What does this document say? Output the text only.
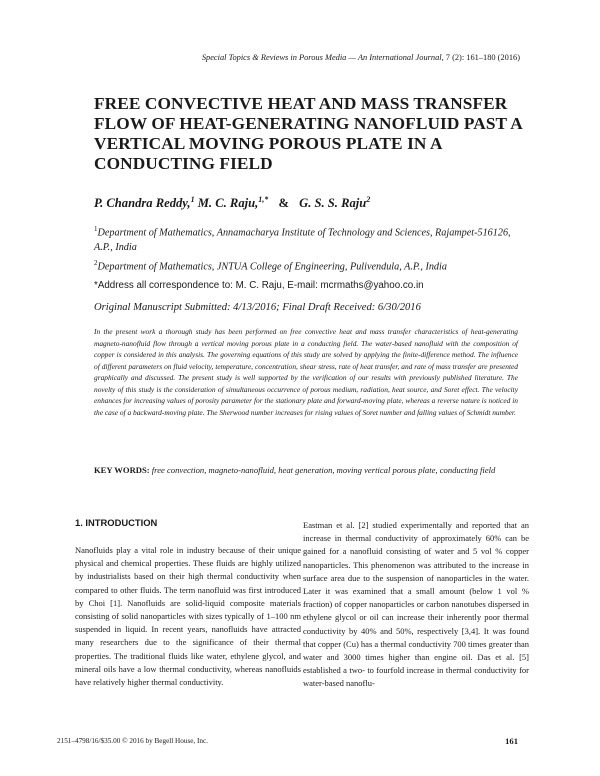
Special Topics & Reviews in Porous Media — An International Journal, 7 (2): 161–180 (2016)
FREE CONVECTIVE HEAT AND MASS TRANSFER FLOW OF HEAT-GENERATING NANOFLUID PAST A VERTICAL MOVING POROUS PLATE IN A CONDUCTING FIELD
P. Chandra Reddy,$^1$ M. C. Raju,$^{1,*}$ & G. S. S. Raju$^2$
$^1$Department of Mathematics, Annamacharya Institute of Technology and Sciences, Rajampet-516126, A.P., India
$^2$Department of Mathematics, JNTUA College of Engineering, Pulivendula, A.P., India
*Address all correspondence to: M. C. Raju, E-mail: mcrmaths@yahoo.co.in
Original Manuscript Submitted: 4/13/2016; Final Draft Received: 6/30/2016

In the present work a thorough study has been performed on free convective heat and mass transfer characteristics of heat-generating magneto-nanofluid flow through a vertical moving porous plate in a conducting field. The water-based nanofluid with the composition of copper is considered in this analysis. The governing equations of this study are solved by applying the finite-difference method. The influence of different parameters on fluid velocity, temperature, concentration, shear stress, rate of heat transfer, and rate of mass transfer are presented graphically and discussed. The present study is well supported by the verification of our results with previously published literature. The novelty of this study is the consideration of simultaneous occurrence of porous medium, radiation, heat source, and Soret effect. The velocity enhances for increasing values of porosity parameter for the stationary plate and forward-moving plate, whereas a reverse nature is noticed in the case of a backward-moving plate. The Sherwood number increases for rising values of Soret number and falling values of Schmidt number.

KEY WORDS: free convection, magneto-nanofluid, heat generation, moving vertical porous plate, conducting field
1. INTRODUCTION

Nanofluids play a vital role in industry because of their unique physical and chemical properties. These fluids are highly utilized by industrialists based on their high thermal conductivity when compared to other fluids. The term nanofluid was first introduced by Choi [1]. Nanofluids are solid-liquid composite materials consisting of solid nanoparticles with sizes typically of 1–100 nm suspended in liquid. In recent years, nanofluids have attracted many researchers due to the significance of their thermal properties. The traditional fluids like water, ethylene glycol, and mineral oils have a low thermal conductivity, whereas nanofluids have relatively higher thermal conductivity.

Eastman et al. [2] studied experimentally and reported that an increase in thermal conductivity of approximately 60% can be gained for a nanofluid consisting of water and 5 vol % copper nanoparticles. This phenomenon was attributed to the increase in surface area due to the suspension of nanoparticles in the water. Later it was examined that a small amount (below 1 vol % fraction) of copper nanoparticles or carbon nanotubes dispersed in ethylene glycol or oil can increase their inherently poor thermal conductivity by 40% and 50%, respectively [3,4]. It was found that copper (Cu) has a thermal conductivity 700 times greater than water and 3000 times higher than engine oil. Das et al. [5] established a two- to fourfold increase in thermal conductivity for water-based nanoflu-

2151–4798/16/$35.00 © 2016 by Begell House, Inc.	161
